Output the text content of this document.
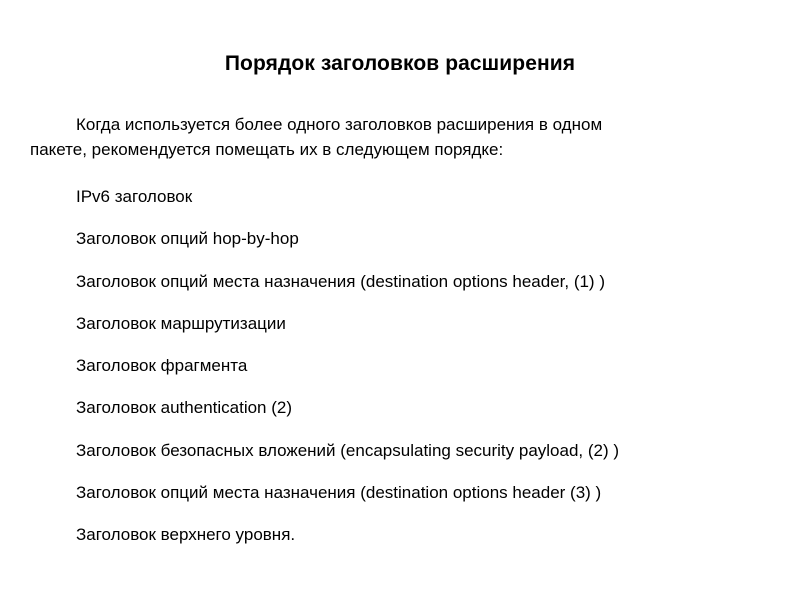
Порядок заголовков расширения
Когда используется более одного заголовков расширения в одном
пакете, рекомендуется помещать их в следующем порядке:
IPv6 заголовок
Заголовок опций hop-by-hop
Заголовок опций места назначения (destination options header, (1) )
Заголовок маршрутизации
Заголовок фрагмента
Заголовок authentication (2)
Заголовок безопасных вложений (encapsulating security payload, (2) )
Заголовок опций места назначения (destination options header (3) )
Заголовок верхнего уровня.
